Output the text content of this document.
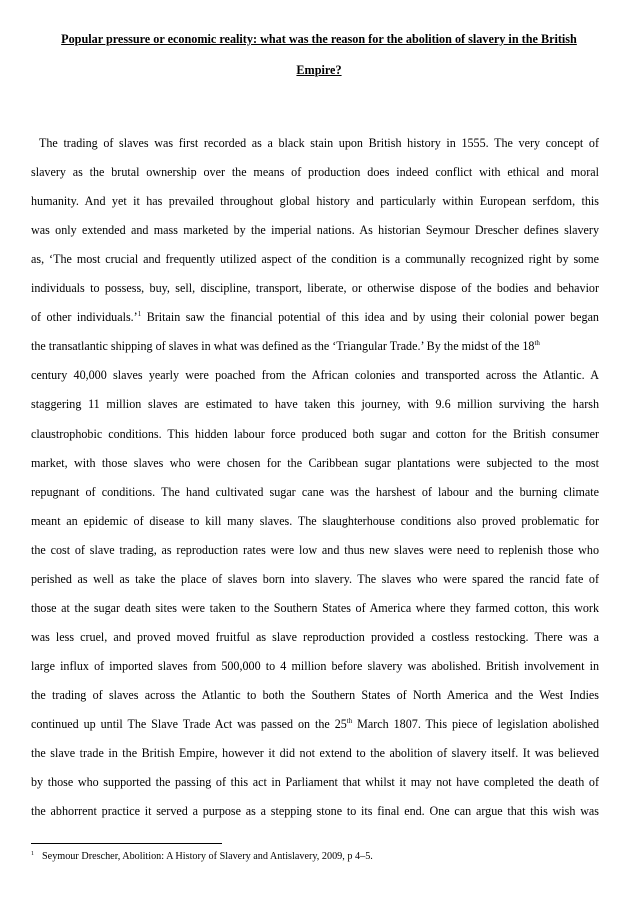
Popular pressure or economic reality: what was the reason for the abolition of slavery in the British
Empire?
The trading of slaves was first recorded as a black stain upon British history in 1555. The very concept of
slavery as the brutal ownership over the means of production does indeed conflict with ethical and moral
humanity. And yet it has prevailed throughout global history and particularly within European serfdom, this
was only extended and mass marketed by the imperial nations. As historian Seymour Drescher defines slavery
as, ‘The most crucial and frequently utilized aspect of the condition is a communally recognized right by some
individuals to possess, buy, sell, discipline, transport, liberate, or otherwise dispose of the bodies and behavior
of other individuals.’$^1$ Britain saw the financial potential of this idea and by using their colonial power began
the transatlantic shipping of slaves in what was defined as the ‘Triangular Trade.’ By the midst of the 18th
century 40,000 slaves yearly were poached from the African colonies and transported across the Atlantic. A
staggering 11 million slaves are estimated to have taken this journey, with 9.6 million surviving the harsh
claustrophobic conditions. This hidden labour force produced both sugar and cotton for the British consumer
market, with those slaves who were chosen for the Caribbean sugar plantations were subjected to the most
repugnant of conditions. The hand cultivated sugar cane was the harshest of labour and the burning climate
meant an epidemic of disease to kill many slaves. The slaughterhouse conditions also proved problematic for
the cost of slave trading, as reproduction rates were low and thus new slaves were need to replenish those who
perished as well as take the place of slaves born into slavery. The slaves who were spared the rancid fate of
those at the sugar death sites were taken to the Southern States of America where they farmed cotton, this work
was less cruel, and proved moved fruitful as slave reproduction provided a costless restocking. There was a
large influx of imported slaves from 500,000 to 4 million before slavery was abolished. British involvement in
the trading of slaves across the Atlantic to both the Southern States of North America and the West Indies
continued up until The Slave Trade Act was passed on the 25th March 1807. This piece of legislation abolished
the slave trade in the British Empire, however it did not extend to the abolition of slavery itself. It was believed
by those who supported the passing of this act in Parliament that whilst it may not have completed the death of
the abhorrent practice it served a purpose as a stepping stone to its final end. One can argue that this wish was
$^1$ Seymour Drescher, Abolition: A History of Slavery and Antislavery, 2009, p 4–5.
